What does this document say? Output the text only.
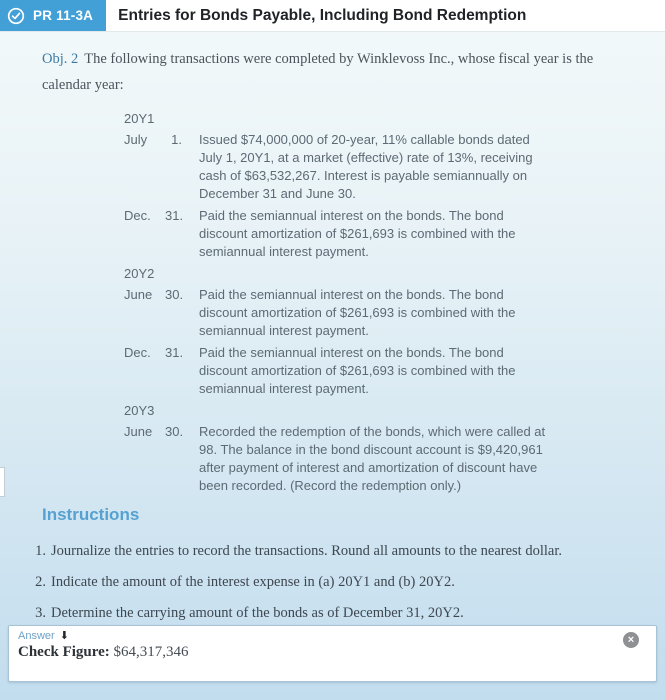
PR 11-3A	Entries for Bonds Payable, Including Bond Redemption

Obj. 2 The following transactions were completed by Winklevoss Inc., whose fiscal year is the calendar year:

20Y1
July	1. Issued $74,000,000 of 20-year, 11% callable bonds dated July 1, 20Y1, at a market (effective) rate of 13%, receiving cash of $63,532,267. Interest is payable semiannually on December 31 and June 30.
Dec.	31. Paid the semiannual interest on the bonds. The bond discount amortization of $261,693 is combined with the semiannual interest payment.
20Y2
June 30. Paid the semiannual interest on the bonds. The bond discount amortization of $261,693 is combined with the semiannual interest payment.
Dec.	31. Paid the semiannual interest on the bonds. The bond discount amortization of $261,693 is combined with the semiannual interest payment.
20Y3
June 30. Recorded the redemption of the bonds, which were called at 98. The balance in the bond discount account is $9,420,961 after payment of interest and amortization of discount have been recorded. (Record the redemption only.)
Instructions
1. Journalize the entries to record the transactions. Round all amounts to the nearest dollar.
2. Indicate the amount of the interest expense in (a) 20Y1 and (b) 20Y2.
3. Determine the carrying amount of the bonds as of December 31, 20Y2.
Answer ⬇
Check Figure: $64,317,346
×
